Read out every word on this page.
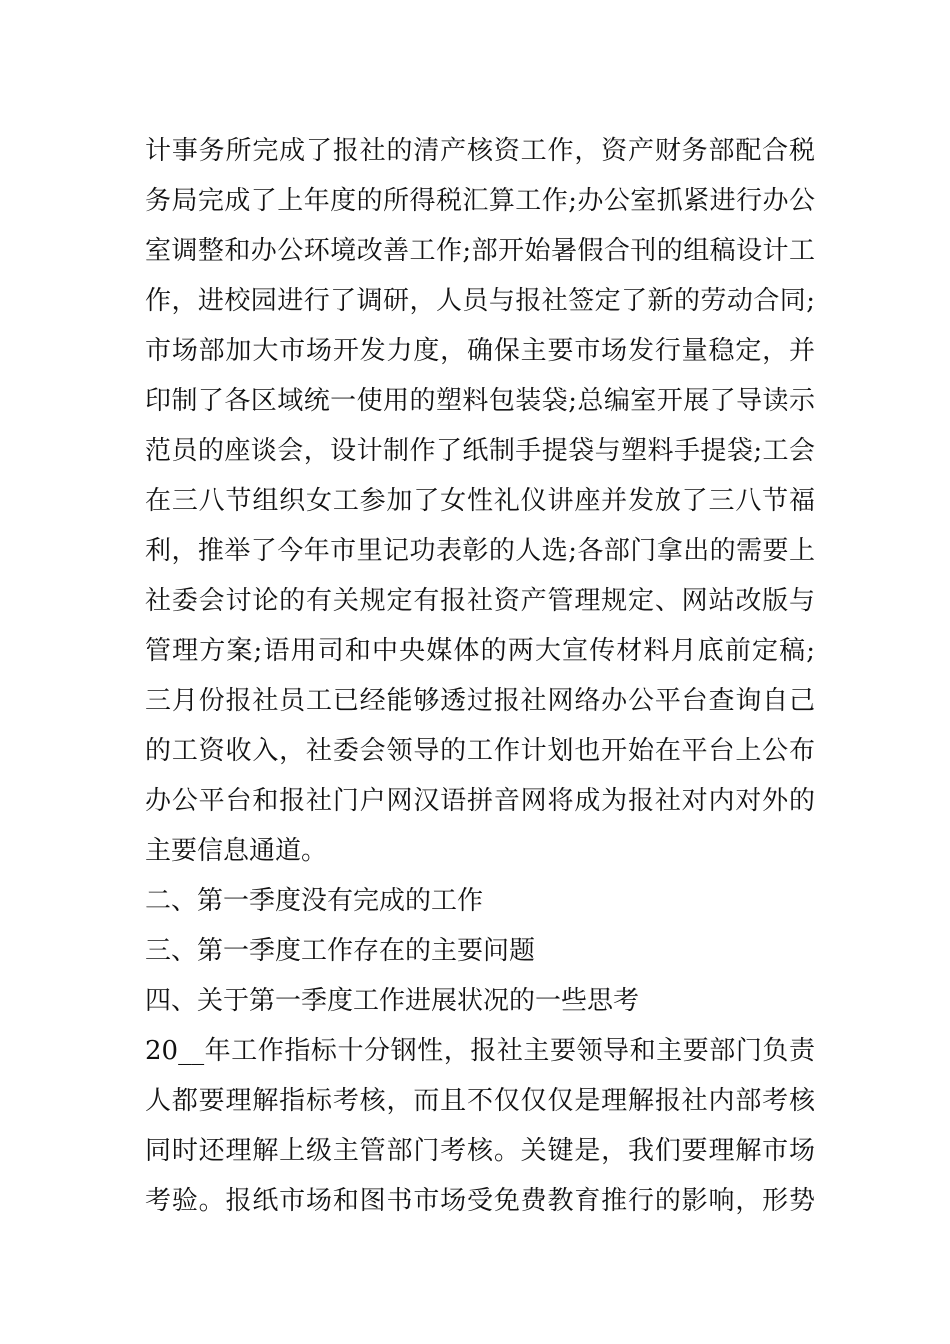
计事务所完成了报社的清产核资工作，资产财务部配合税
务局完成了上年度的所得税汇算工作;办公室抓紧进行办公
室调整和办公环境改善工作;部开始暑假合刊的组稿设计工
作，进校园进行了调研，人员与报社签定了新的劳动合同;
市场部加大市场开发力度，确保主要市场发行量稳定，并
印制了各区域统一使用的塑料包装袋;总编室开展了导读示
范员的座谈会，设计制作了纸制手提袋与塑料手提袋;工会
在三八节组织女工参加了女性礼仪讲座并发放了三八节福
利，推举了今年市里记功表彰的人选;各部门拿出的需要上
社委会讨论的有关规定有报社资产管理规定、网站改版与
管理方案;语用司和中央媒体的两大宣传材料月底前定稿;
三月份报社员工已经能够透过报社网络办公平台查询自己
的工资收入，社委会领导的工作计划也开始在平台上公布
办公平台和报社门户网汉语拼音网将成为报社对内对外的
主要信息通道。
二、第一季度没有完成的工作
三、第一季度工作存在的主要问题
四、关于第一季度工作进展状况的一些思考
20__年工作指标十分钢性，报社主要领导和主要部门负责
人都要理解指标考核，而且不仅仅仅是理解报社内部考核
同时还理解上级主管部门考核。关键是，我们要理解市场
考验。报纸市场和图书市场受免费教育推行的影响，形势
